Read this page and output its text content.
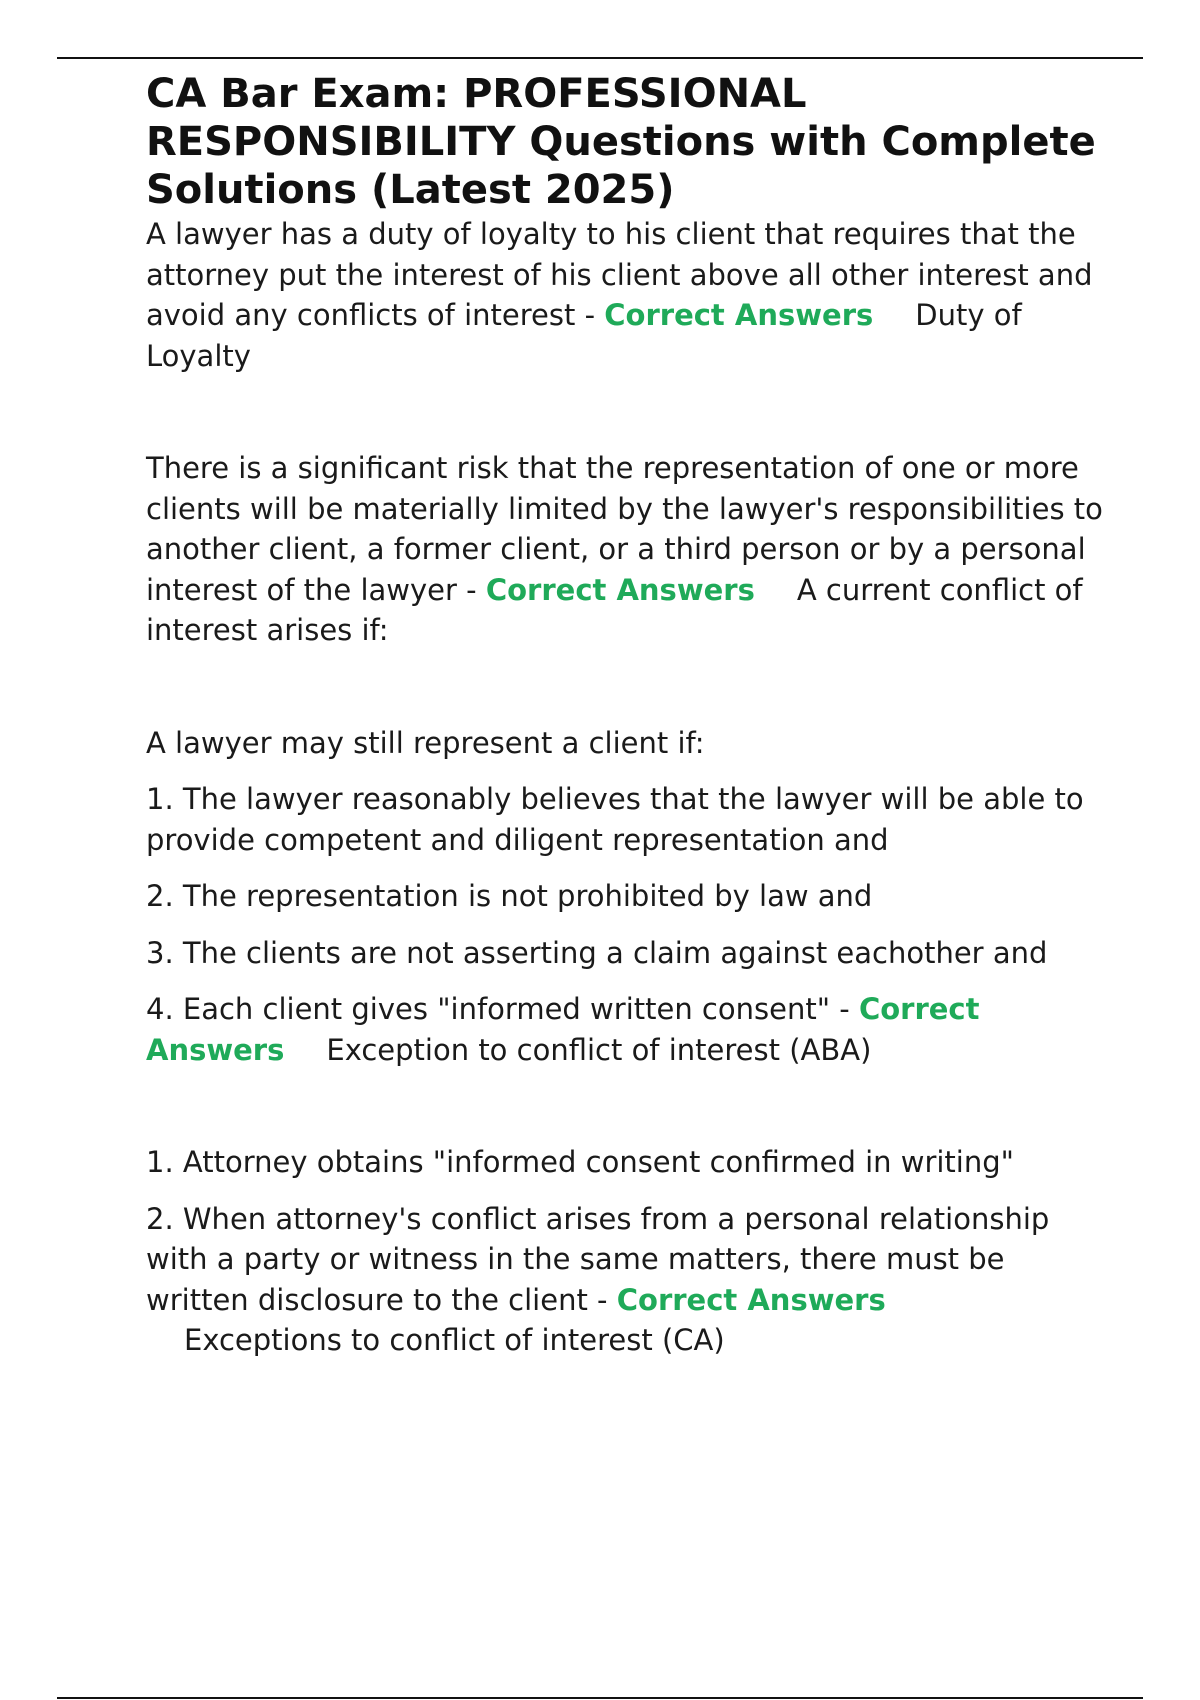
CA Bar Exam: PROFESSIONAL RESPONSIBILITY Questions with Complete Solutions (Latest 2025)

A lawyer has a duty of loyalty to his client that requires that the attorney put the interest of his client above all other interest and avoid any conflicts of interest - Correct Answers Duty of Loyalty

There is a significant risk that the representation of one or more clients will be materially limited by the lawyer's responsibilities to another client, a former client, or a third person or by a personal interest of the lawyer - Correct Answers A current conflict of interest arises if:

A lawyer may still represent a client if:

1. The lawyer reasonably believes that the lawyer will be able to provide competent and diligent representation and

2. The representation is not prohibited by law and

3. The clients are not asserting a claim against eachother and

4. Each client gives "informed written consent" - Correct Answers Exception to conflict of interest (ABA)

1. Attorney obtains "informed consent confirmed in writing"

2. When attorney's conflict arises from a personal relationship with a party or witness in the same matters, there must be written disclosure to the client - Correct Answers
Exceptions to conflict of interest (CA)
